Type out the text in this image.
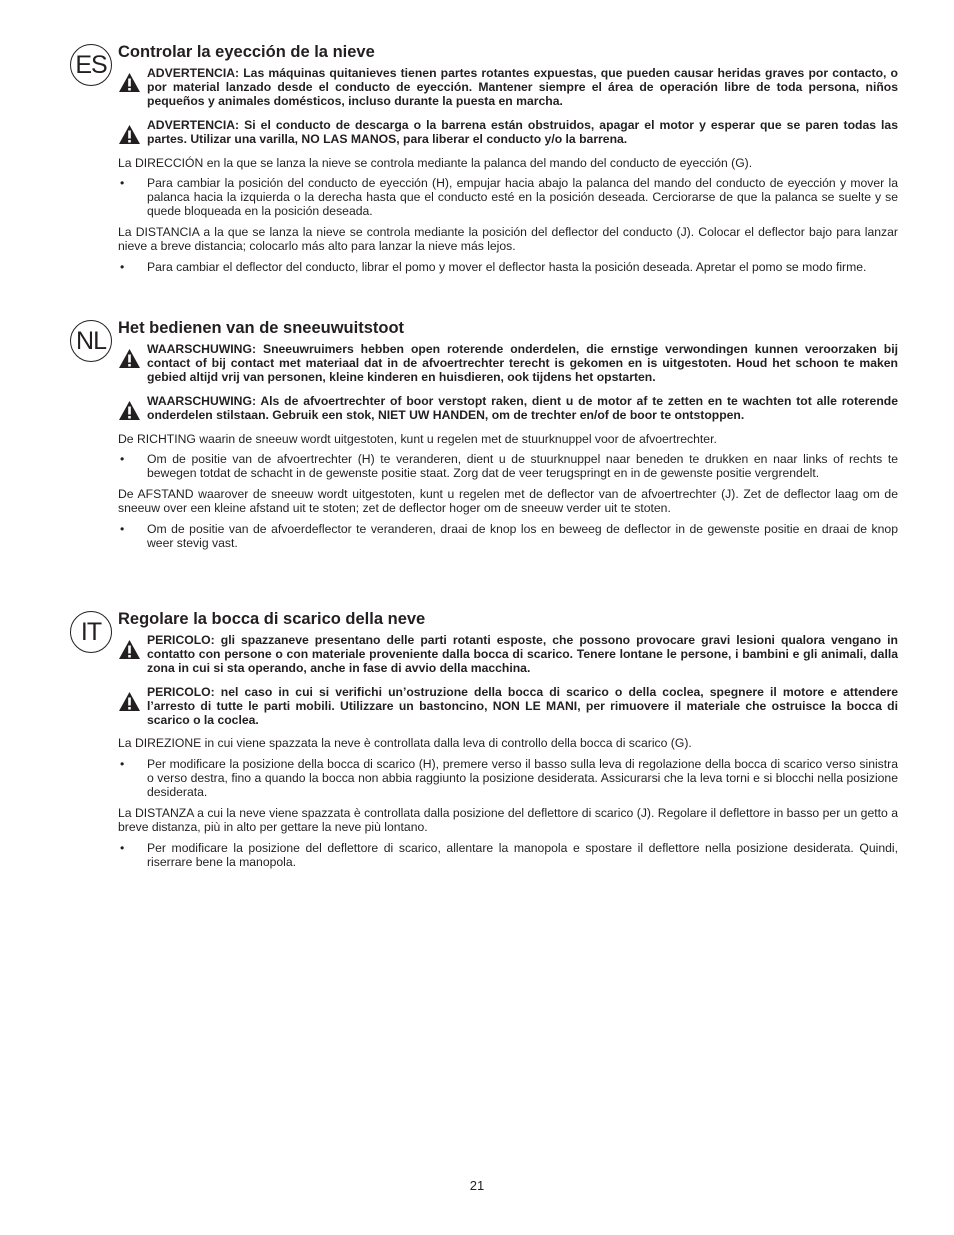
ES Controlar la eyección de la nieve
ADVERTENCIA: Las máquinas quitanieves tienen partes rotantes expuestas, que pueden causar heridas graves por contacto, o por material lanzado desde el conducto de eyección. Mantener siempre el área de operación libre de toda persona, niños pequeños y animales domésticos, incluso durante la puesta en marcha.
ADVERTENCIA: Si el conducto de descarga o la barrena están obstruidos, apagar el motor y esperar que se paren todas las partes. Utilizar una varilla, NO LAS MANOS, para liberar el conducto y/o la barrena.

La DIRECCIÓN en la que se lanza la nieve se controla mediante la palanca del mando del conducto de eyección (G).

• Para cambiar la posición del conducto de eyección (H), empujar hacia abajo la palanca del mando del conducto de eyección y mover la palanca hacia la izquierda o la derecha hasta que el conducto esté en la posición deseada. Cerciorarse de que la palanca se suelte y se quede bloqueada en la posición deseada.

La DISTANCIA a la que se lanza la nieve se controla mediante la posición del deflector del conducto (J). Colocar el deflector bajo para lanzar nieve a breve distancia; colocarlo más alto para lanzar la nieve más lejos.

• Para cambiar el deflector del conducto, librar el pomo y mover el deflector hasta la posición deseada. Apretar el pomo se modo firme.
NL Het bedienen van de sneeuwuitstoot
WAARSCHUWING: Sneeuwruimers hebben open roterende onderdelen, die ernstige verwondingen kunnen veroorzaken bij contact of bij contact met materiaal dat in de afvoertrechter terecht is gekomen en is uitgestoten. Houd het schoon te maken gebied altijd vrij van personen, kleine kinderen en huisdieren, ook tijdens het opstarten.
WAARSCHUWING: Als de afvoertrechter of boor verstopt raken, dient u de motor af te zetten en te wachten tot alle roterende onderdelen stilstaan. Gebruik een stok, NIET UW HANDEN, om de trechter en/of de boor te ontstoppen.

De RICHTING waarin de sneeuw wordt uitgestoten, kunt u regelen met de stuurknuppel voor de afvoertrechter.

• Om de positie van de afvoertrechter (H) te veranderen, dient u de stuurknuppel naar beneden te drukken en naar links of rechts te bewegen totdat de schacht in de gewenste positie staat. Zorg dat de veer terugspringt en in de gewenste positie vergrendelt.

De AFSTAND waarover de sneeuw wordt uitgestoten, kunt u regelen met de deflector van de afvoertrechter (J). Zet de deflector laag om de sneeuw over een kleine afstand uit te stoten; zet de deflector hoger om de sneeuw verder uit te stoten.

• Om de positie van de afvoerdeflector te veranderen, draai de knop los en beweeg de deflector in de gewenste positie en draai de knop weer stevig vast.
IT	Regolare la bocca di scarico della neve
PERICOLO: gli spazzaneve presentano delle parti rotanti esposte, che possono provocare gravi lesioni qualora vengano in contatto con persone o con materiale proveniente dalla bocca di scarico. Tenere lontane le persone, i bambini e gli animali, dalla zona in cui si sta operando, anche in fase di avvio della macchina.
PERICOLO: nel caso in cui si verifichi un’ostruzione della bocca di scarico o della coclea, spegnere il motore e attendere l’arresto di tutte le parti mobili. Utilizzare un bastoncino, NON LE MANI, per rimuovere il materiale che ostruisce la bocca di scarico o la coclea.

La DIREZIONE in cui viene spazzata la neve è controllata dalla leva di controllo della bocca di scarico (G).

• Per modificare la posizione della bocca di scarico (H), premere verso il basso sulla leva di regolazione della bocca di scarico verso sinistra o verso destra, fino a quando la bocca non abbia raggiunto la posizione desiderata. Assicurarsi che la leva torni e si blocchi nella posizione desiderata.

La DISTANZA a cui la neve viene spazzata è controllata dalla posizione del deflettore di scarico (J). Regolare il deflettore in basso per un getto a breve distanza, più in alto per gettare la neve più lontano.

• Per modificare la posizione del deflettore di scarico, allentare la manopola e spostare il deflettore nella posizione desiderata. Quindi, riserrare bene la manopola.
21
